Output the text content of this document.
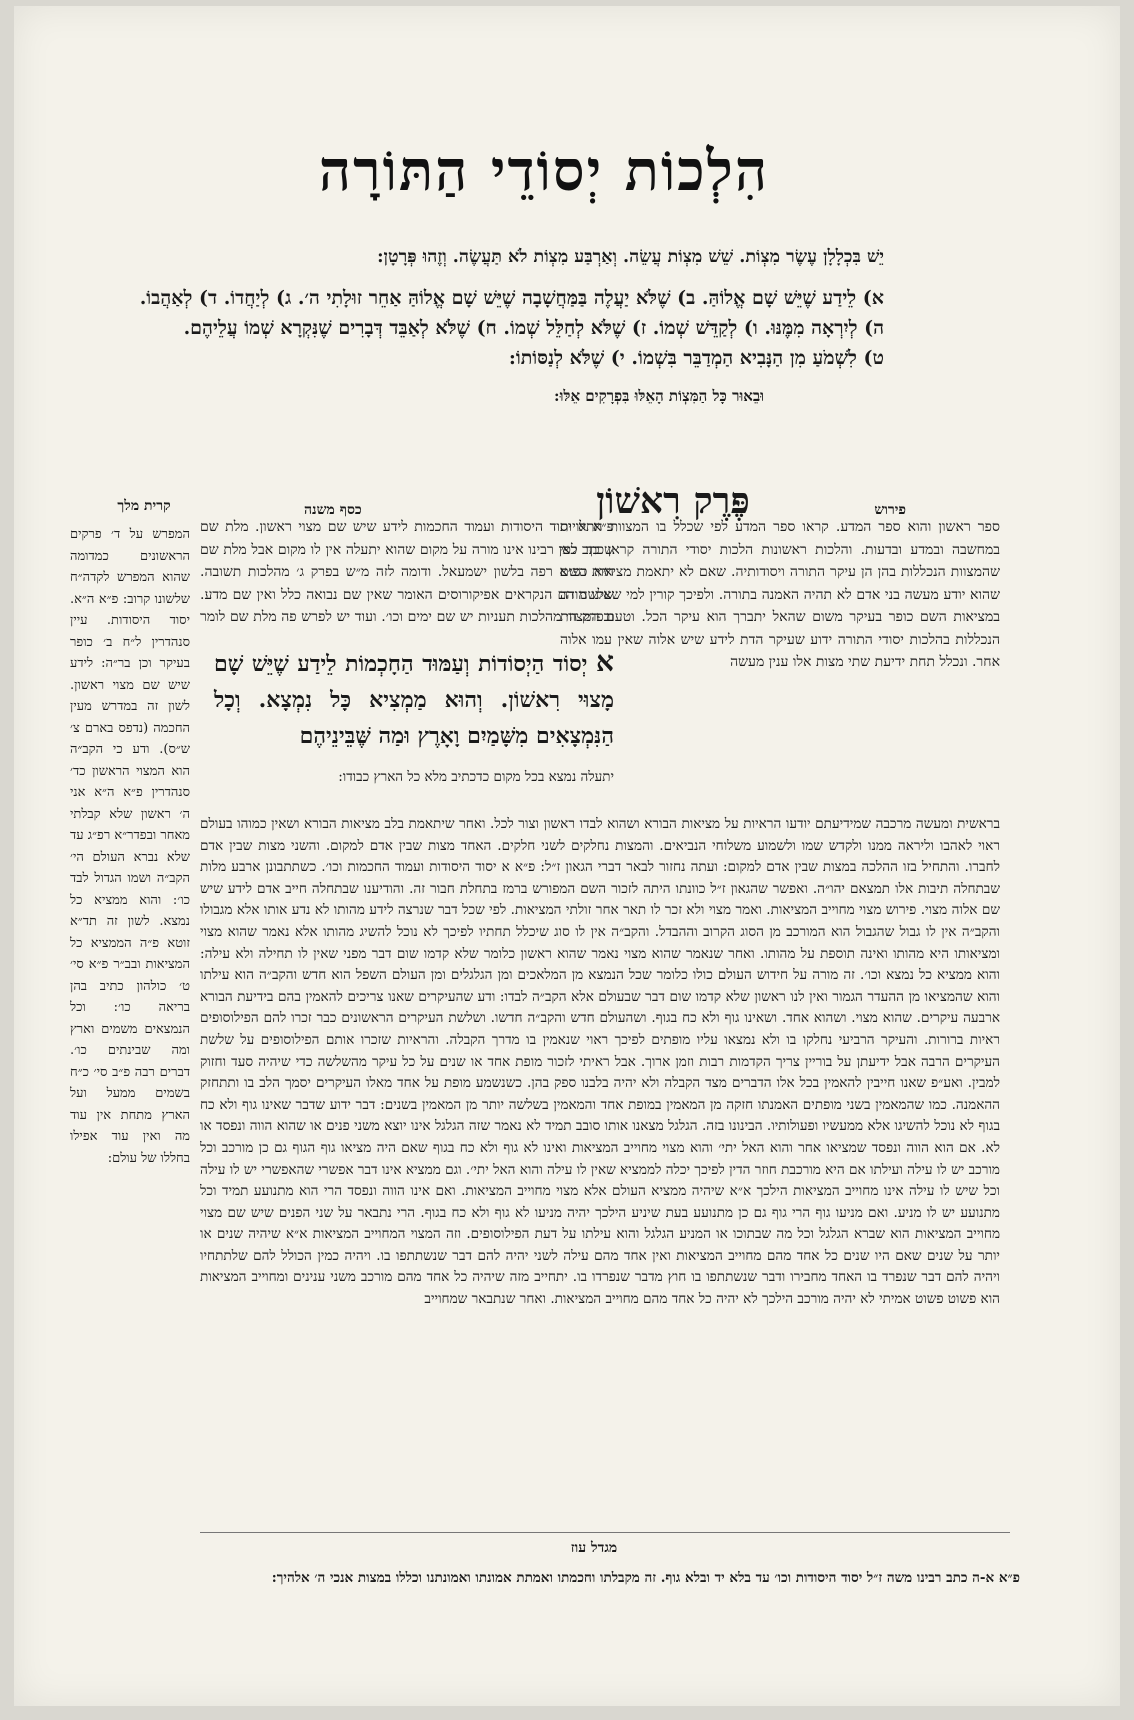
הִלְכוֹת יְסוֹדֵי הַתּוֹרָה
יֵשׁ בִּכְלָלָן עֶשֶׂר מִצְוֹת. שֵׁשׁ מִצְוֹת עֲשֵׂה. וְאַרְבַּע מִצְוֹת לֹא תַּעֲשֶׂה. וְזֶהוּ פְּרָטָן:
א) לֵידַע שֶׁיֵּשׁ שָׁם אֱלוֹהַּ. ב) שֶׁלֹּא יַעֲלֶה בַּמַּחֲשָׁבָה שֶׁיֵּשׁ שָׁם אֱלוֹהַּ אַחֵר זוּלָתִי ה׳. ג) לְיַחֲדוֹ. ד) לְאַהֲבוֹ.
ה) לְיִרְאָה מִמֶּנּוּ. ו) לְקַדֵּשׁ שְׁמוֹ. ז) שֶׁלֹּא לְחַלֵּל שְׁמוֹ. ח) שֶׁלֹּא לְאַבֵּד דְּבָרִים שֶׁנִּקְרָא שְׁמוֹ עֲלֵיהֶם.
ט) לִשְׁמֹעַ מִן הַנָּבִיא הַמְדַבֵּר בִּשְׁמוֹ. י) שֶׁלֹּא לְנַסּוֹתוֹ:
וּבֵאוּר כָּל הַמִּצְוֹת הָאֵלּוּ בִּפְרָקִים אֵלּוּ:
פירוש
כסף משנה
קרית מלך	פֶּרֶק רִאשׁוֹן
ספר ראשון והוא ספר המדע. קראו ספר המדע לפי שכלל בו המצוות התלויות במחשבה ובמדע ובדעות. והלכות ראשונות הלכות יסודי התורה קראן כך לפי שהמצוות הנכללות בהן הן עיקר התורה ויסודותיה. שאם לא יתאמת מציאות השם שהוא יודע מעשה בני אדם לא תהיה האמנה בתורה. ולפיכך קורין למי שאינו מודה במציאות השם כופר בעיקר משום שהאל יתברך הוא עיקר הכל. וטעם המצוות הנכללות בהלכות יסודי התורה ידוע שעיקר הדת לידע שיש אלוה שאין עמו אלוה אחר. ונכלל תחת ידיעת שתי מצות אלו ענין מעשה
פ״א א יסוד היסודות ועמוד החכמות לידע שיש שם מצוי ראשון. מלת שם שכתב כאן רבינו אינו מורה על מקום שהוא יתעלה אין לו מקום אבל מלת שם היא כפ״א רפה בלשון ישמעאל. ודומה לזה מ״ש בפרק ג׳ מהלכות תשובה. שלשה הם הנקראים אפיקורוסים האומר שאין שם נבואה כלל ואין שם מדע. ובפרק ה׳ מהלכות תעניות יש שם ימים וכו׳. ועוד יש לפרש פה מלת שם לומר
א יְסוֹד הַיְסוֹדוֹת וְעַמּוּד הַחָכְמוֹת לֵידַע שֶׁיֵּשׁ שָׁם מָצוּי רִאשׁוֹן. וְהוּא מַמְצִיא כָּל נִמְצָא. וְכָל הַנִּמְצָאִים מִשָּׁמַיִם וָאָרֶץ וּמַה שֶּׁבֵּינֵיהֶם
יתעלה נמצא בכל מקום כדכתיב מלא כל הארץ כבודו:
בראשית ומעשה מרכבה שמידיעתם יודעו הראיות על מציאות הבורא ושהוא לבדו ראשון וצור לכל. ואחר שיתאמת בלב מציאות הבורא ושאין כמוהו בעולם ראוי לאהבו וליראה ממנו ולקדש שמו ולשמוע משלוחי הנביאים. והמצות נחלקים לשני חלקים. האחד מצות שבין אדם למקום. והשני מצות שבין אדם לחברו. והתחיל בזו ההלכה במצות שבין אדם למקום: ועתה נחזור לבאר דברי הגאון ז״ל: פ״א א יסוד היסודות ועמוד החכמות וכו׳. כשתתבונן ארבע מלות שבתחלה תיבות אלו תמצאם יהו״ה. ואפשר שהגאון ז״ל כוונתו היתה לזכור השם המפורש ברמז בתחלת חבור זה. והודיענו שבתחלה חייב אדם לידע שיש שם אלוה מצוי. פירוש מצוי מחוייב המציאות. ואמר מצוי ולא זכר לו תאר אחר זולתי המציאות. לפי שכל דבר שנרצה לידע מהותו לא נדע אותו אלא מגבולו והקב״ה אין לו גבול שהגבול הוא המורכב מן הסוג הקרוב וההבדל. והקב״ה אין לו סוג שיכלל תחתיו לפיכך לא נוכל להשיג מהותו אלא נאמר שהוא מצוי ומציאותו היא מהותו ואינה תוספת על מהותו. ואחר שנאמר שהוא מצוי נאמר שהוא ראשון כלומר שלא קדמו שום דבר מפני שאין לו תחילה ולא עילה: והוא ממציא כל נמצא וכו׳. זה מורה על חידוש העולם כולו כלומר שכל הנמצא מן המלאכים ומן הגלגלים ומן העולם השפל הוא חדש והקב״ה הוא עילתו והוא שהמציאו מן ההעדר הגמור ואין לנו ראשון שלא קדמו שום דבר שבעולם אלא הקב״ה לבדו: ודע שהעיקרים שאנו צריכים להאמין בהם בידיעת הבורא ארבעה עיקרים. שהוא מצוי. ושהוא אחד. ושאינו גוף ולא כח בגוף. ושהעולם חדש והקב״ה חדשו. ושלשת העיקרים הראשונים כבר זכרו להם הפילוסופים ראיות ברורות. והעיקר הרביעי נחלקו בו ולא נמצאו עליו מופתים לפיכך ראוי שנאמין בו מדרך הקבלה. והראיות שזכרו אותם הפילוסופים על שלשת העיקרים הרבה אבל ידיעתן על בוריין צריך הקדמות רבות וזמן ארוך. אבל ראיתי לזכור מופת אחד או שנים על כל עיקר מהשלשה כדי שיהיה סעד וחזוק למבין. ואע״פ שאנו חייבין להאמין בכל אלו הדברים מצד הקבלה ולא יהיה בלבנו ספק בהן. כשנשמע מופת על אחד מאלו העיקרים יסמך הלב בו ותתחזק ההאמנה. כמו שהמאמין בשני מופתים האמנתו חזקה מן המאמין במופת אחד והמאמין בשלשה יותר מן המאמין בשנים: דבר ידוע שדבר שאינו גוף ולא כח בגוף לא נוכל להשיגו אלא ממעשיו ופעולותיו. הבינונו בזה. הגלגל מצאנו אותו סובב תמיד לא נאמר שזה הגלגל אינו יוצא משני פנים או שהוא הווה ונפסד או לא. אם הוא הווה ונפסד שמציאו אחר והוא האל יתי׳ והוא מצוי מחוייב המציאות ואינו לא גוף ולא כח בגוף שאם היה מציאו גוף הגוף גם כן מורכב וכל מורכב יש לו עילה ועילתו אם היא מורכבת חוזר הדין לפיכך יכלה לממציא שאין לו עילה והוא האל יתי׳. וגם ממציא אינו דבר אפשרי שהאפשרי יש לו עילה וכל שיש לו עילה אינו מחוייב המציאות הילכך א״א שיהיה ממציא העולם אלא מצוי מחוייב המציאות. ואם אינו הווה ונפסד הרי הוא מתנועע תמיד וכל מתנועע יש לו מניע. ואם מניעו גוף הרי גוף גם כן מתנועע בעת שיניע הילכך יהיה מניעו לא גוף ולא כח בגוף. הרי נתבאר על שני הפנים שיש שם מצוי מחוייב המציאות הוא שברא הגלגל וכל מה שבתוכו או המניע הגלגל והוא עילתו על דעת הפילוסופים. וזה המצוי המחוייב המציאות א״א שיהיה שנים או יותר על שנים שאם היו שנים כל אחד מהם מחוייב המציאות ואין אחד מהם עילה לשני יהיה להם דבר שנשתתפו בו. ויהיה כמין הכולל להם שלתתחיו ויהיה להם דבר שנפרד בו האחד מחבירו ודבר שנשתתפו בו חוץ מדבר שנפרדו בו. יתחייב מזה שיהיה כל אחד מהם מורכב משני ענינים ומחוייב המציאות הוא פשוט פשוט אמיתי לא יהיה מורכב הילכך לא יהיה כל אחד מהם מחוייב המציאות. ואחר שנתבאר שמחוייב
המפרש על ד׳ פרקים הראשונים כמדומה שהוא המפרש לקדה״ח שלשונו קרוב: פ״א ה״א. יסוד היסודות. עיין סנהדרין ל״ח ב׳ כופר בעיקר וכן בר״ה: לידע שיש שם מצוי ראשון. לשון זה במדרש מעין החכמה (נדפס בארם צ׳ ש״ס). ודע כי הקב״ה הוא המצוי הראשון כד׳ סנהדרין פ״א ה״א אני ה׳ ראשון שלא קבלתי מאחר ובפדר״א רפ״ג עד שלא נברא העולם הי׳ הקב״ה ושמו הגדול לבד כו׳: והוא ממציא כל נמצא. לשון זה תד״א זוטא פ״ה הממציא כל המציאות ובב״ר פ״א סי׳ ט׳ כולהון כתיב בהן בריאה כו׳: וכל הנמצאים משמים וארץ ומה שבינתים כו׳. דברים רבה פ״ב סי׳ כ״ח בשמים ממעל ועל הארץ מתחת אין עוד מה ואין עוד אפילו בחללו של עולם:
מגדל עוז
פ״א א-ה כתב רבינו משה ז״ל יסוד היסודות וכו׳ עד בלא יד ובלא גוף. זה מקבלתו וחכמתו ואמתת אמונתו ואמונתנו וכללו במצות אנכי ה׳ אלהיך:
